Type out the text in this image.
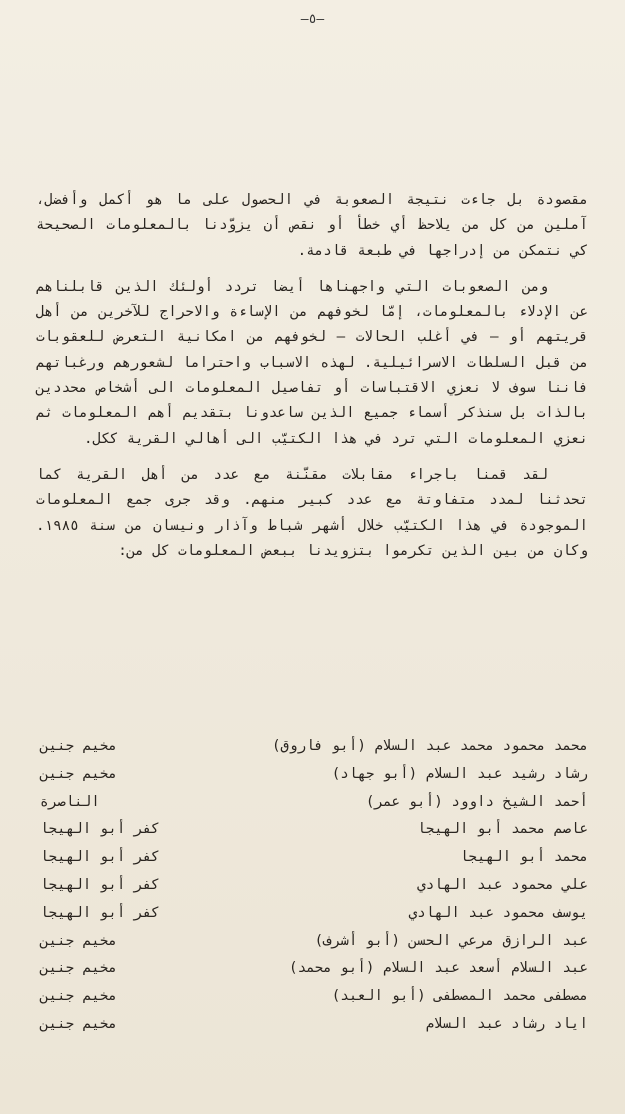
–٥–

مقصودة بل جاءت نتيجة الصعوبة في الحصول على ما هو أكمل وأفضل، آملين من كل من يلاحظ أي خطأ أو نقص أن يزوّدنا بالمعلومات الصحيحة كي نتمكن من إدراجها في طبعة قادمة.

ومن الصعوبات التي واجهناها أيضا تردد أولئك الذين قابلناهم عن الإدلاء بالمعلومات، إمّا لخوفهم من الإساءة والاحراج للآخرين من أهل قريتهم أو – في أغلب الحالات – لخوفهم من امكانية التعرض للعقوبات من قبل السلطات الاسرائيلية. لهذه الاسباب واحتراما لشعورهم ورغباتهم فاننا سوف لا نعزي الاقتباسات أو تفاصيل المعلومات الى أشخاص محددين بالذات بل سنذكر أسماء جميع الذين ساعدونا بتقديم أهم المعلومات ثم نعزي المعلومات التي ترد في هذا الكتيّب الى أهالي القرية ككل.

لقد قمنا باجراء مقابلات مقنّنة مع عدد من أهل القرية كما تحدثنا لمدد متفاوتة مع عدد كبير منهم. وقد جرى جمع المعلومات الموجودة في هذا الكتيّب خلال أشهر شباط وآذار ونيسان من سنة ١٩٨٥. وكان من بين الذين تكرموا بتزويدنا ببعض المعلومات كل من:

محمد محمود محمد عبد السلام (أبو فاروق)
مخيم جنين
رشاد رشيد عبد السلام (أبو جهاد)
مخيم جنين
أحمد الشيخ داوود (أبو عمر)
الناصرة
عاصم محمد أبو الهيجا
كفر أبو الهيجا
محمد أبو الهيجا
كفر أبو الهيجا
علي محمود عبد الهادي
كفر أبو الهيجا
يوسف محمود عبد الهادي
كفر أبو الهيجا
عبد الرازق مرعي الحسن (أبو أشرف)
مخيم جنين
عبد السلام أسعد عبد السلام (أبو محمد)
مخيم جنين
مصطفى محمد المصطفى (أبو العبد)
مخيم جنين
اياد رشاد عبد السلام
مخيم جنين
